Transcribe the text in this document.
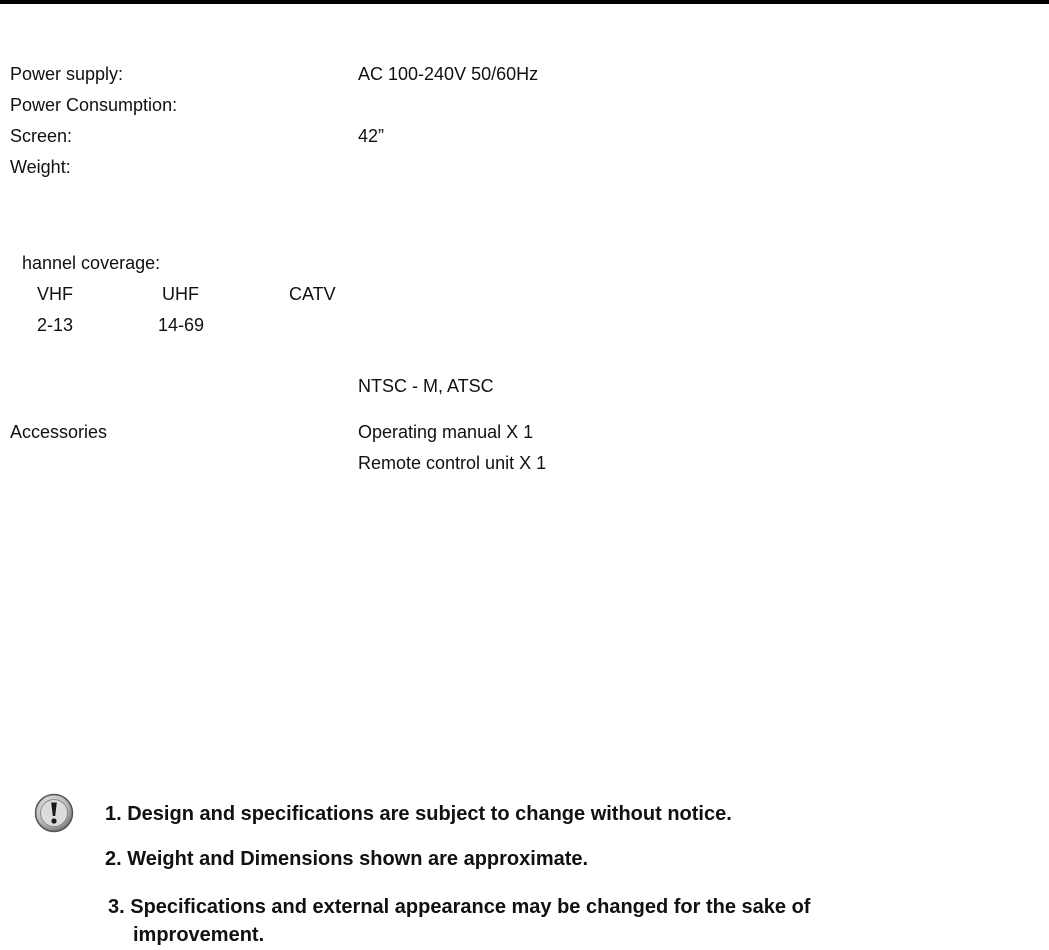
Power supply:	AC 100-240V 50/60Hz
Power Consumption:
Screen:	42”
Weight:
hannel coverage:
VHF	UHF	CATV
2-13	14-69
NTSC - M, ATSC
Accessories	Operating manual X 1
Remote control unit X 1
1. Design and specifications are subject to change without notice.
2. Weight and Dimensions shown are approximate.
3. Specifications and external appearance may be changed for the sake of
improvement.
